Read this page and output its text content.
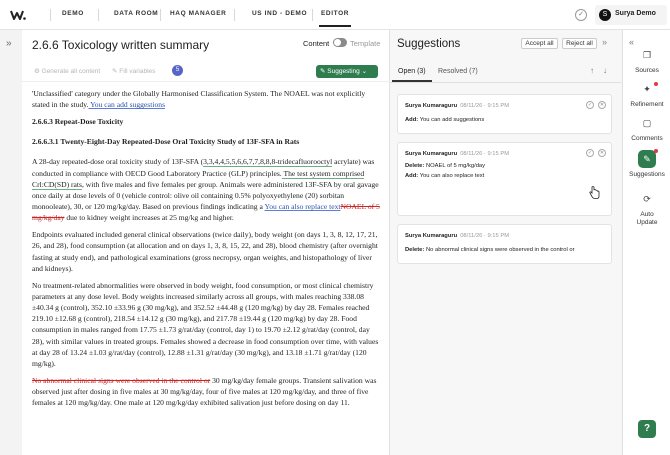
DEMO	DATA ROOM HAQ MANAGER	US IND - DEMO EDITOR	✓	S	Surya Demo
» 2.6.6 Toxicology written summary	Content	Template
⚙ Generate all content ✎ Fill variables	5	✎ Suggesting ⌄

'Unclassified' category under the Globally Harmonised Classification System. The NOAEL was not explicitly stated in the study. You can add suggestions

2.6.6.3 Repeat-Dose Toxicity

2.6.6.3.1 Twenty-Eight-Day Repeated-Dose Oral Toxicity Study of 13F-SFA in Rats

A 28-day repeated-dose oral toxicity study of 13F-SFA (3,3,4,4,5,5,6,6,7,7,8,8,8-tridecafluorooctyl acrylate) was conducted in compliance with OECD Good Laboratory Practice (GLP) principles. The test system comprised Crl:CD(SD) rats, with five males and five females per group. Animals were administered 13F-SFA by oral gavage once daily at dose levels of 0 (vehicle control: olive oil containing 0.5% polyoxyethylene (20) sorbitan monooleate), 30, or 120 mg/kg/day. Based on previous findings indicating a You can also replace textNOAEL of 5 mg/kg/day due to kidney weight increases at 25 mg/kg and higher.

Endpoints evaluated included general clinical observations (twice daily), body weight (on days 1, 3, 8, 12, 17, 21, 26, and 28), food consumption (at allocation and on days 1, 3, 8, 15, 22, and 28), blood chemistry (after overnight fasting at study end), and pathological examinations (gross necropsy, organ weights, and histopathology of liver and kidneys).

No treatment-related abnormalities were observed in body weight, food consumption, or most clinical chemistry parameters at any dose level. Body weights increased similarly across all groups, with males reaching 338.08 ±40.34 g (control), 352.10 ±33.96 g (30 mg/kg), and 352.52 ±44.48 g (120 mg/kg) by day 28. Females reached 219.10 ±12.68 g (control), 218.54 ±14.12 g (30 mg/kg), and 217.78 ±19.44 g (120 mg/kg) by day 28. Food consumption in males ranged from 17.75 ±1.73 g/rat/day (control, day 1) to 19.70 ±2.12 g/rat/day (control, day 28), with similar values in treated groups. Females showed a decrease in food consumption over time, with values at day 28 of 13.24 ±1.03 g/rat/day (control), 12.88 ±1.31 g/rat/day (30 mg/kg), and 13.18 ±1.71 g/rat/day (120 mg/kg).

No abnormal clinical signs were observed in the control or 30 mg/kg/day female groups. Transient salivation was observed just after dosing in five males at 30 mg/kg/day, four of five males at 120 mg/kg/day, and three of five females at 120 mg/kg/day. One male at 120 mg/kg/day exhibited salivation just before dosing on day 11.

Suggestions	Accept all	Reject all	»
Open (3) Resolved (7)	↑ ↓
Surya Kumaraguru 08/11/26 · 9:15 PM	✓	✕
Add: You can add suggestions
Surya Kumaraguru 08/11/26 · 9:15 PM	✓	✕
Delete: NOAEL of 5 mg/kg/day
Add: You can also replace text
Surya Kumaraguru 08/11/26 · 9:15 PM
Delete: No abnormal clinical signs were observed in the control or
«
❐
Sources
✦
Refinement
▢
Comments
✎
Suggestions
⟳
Auto Update
?
